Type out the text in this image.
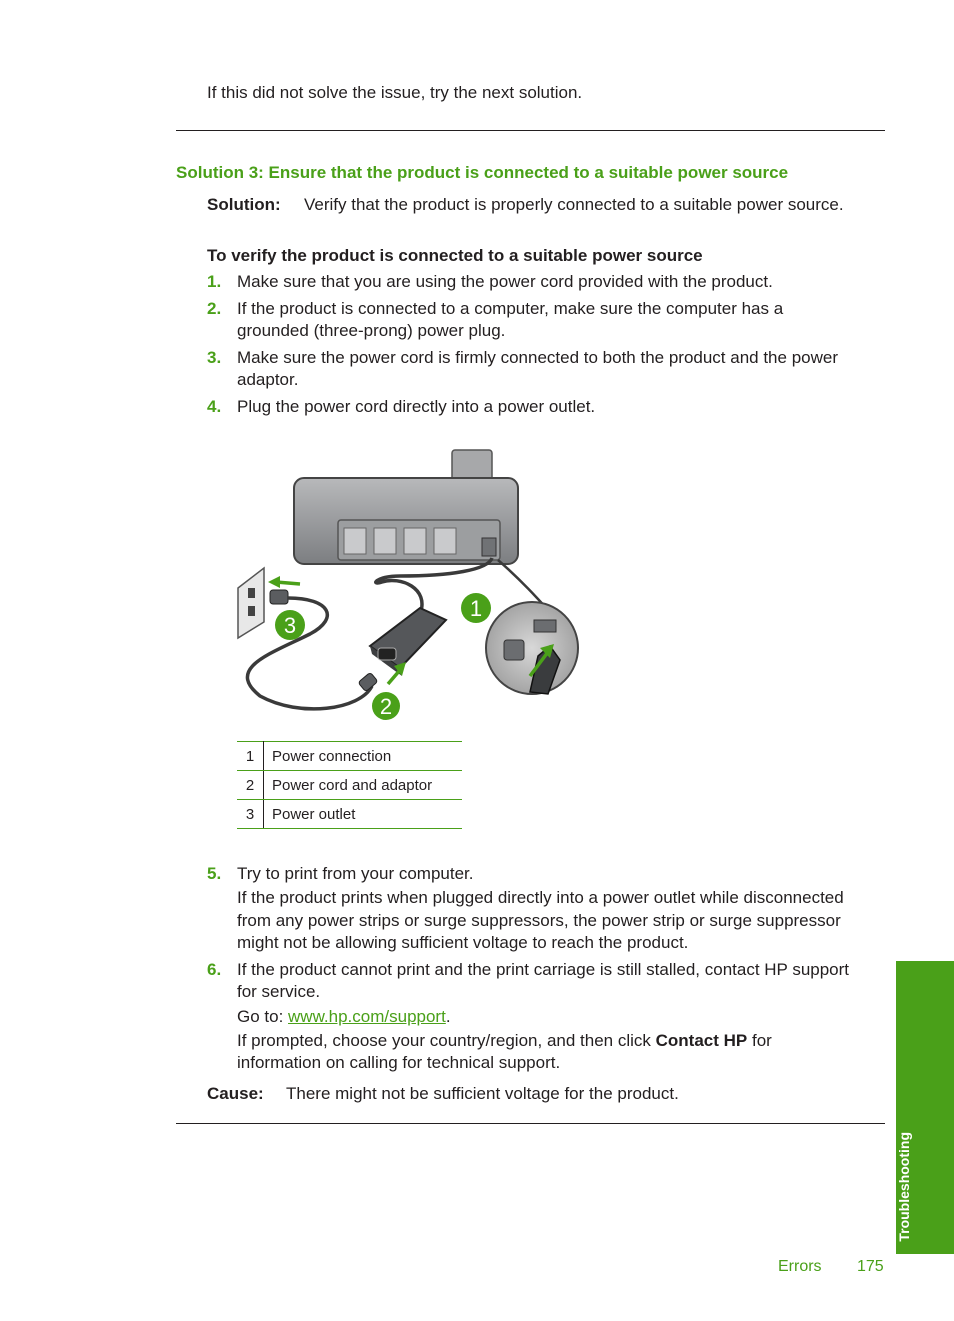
If this did not solve the issue, try the next solution.
Solution 3: Ensure that the product is connected to a suitable power source
Solution: Verify that the product is properly connected to a suitable power source.
To verify the product is connected to a suitable power source
1. Make sure that you are using the power cord provided with the product.
2. If the product is connected to a computer, make sure the computer has a
grounded (three-prong) power plug.
3. Make sure the power cord is firmly connected to both the product and the power
adaptor.
4. Plug the power cord directly into a power outlet.
1
2
3
1	Power connection
2	Power cord and adaptor
3	Power outlet
5. Try to print from your computer.
If the product prints when plugged directly into a power outlet while disconnected
from any power strips or surge suppressors, the power strip or surge suppressor
might not be allowing sufficient voltage to reach the product.
6. If the product cannot print and the print carriage is still stalled, contact HP support
for service.
Go to: www.hp.com/support.
If prompted, choose your country/region, and then click Contact HP for
information on calling for technical support.
Cause: There might not be sufficient voltage for the product.
Troubleshooting
Errors 175
